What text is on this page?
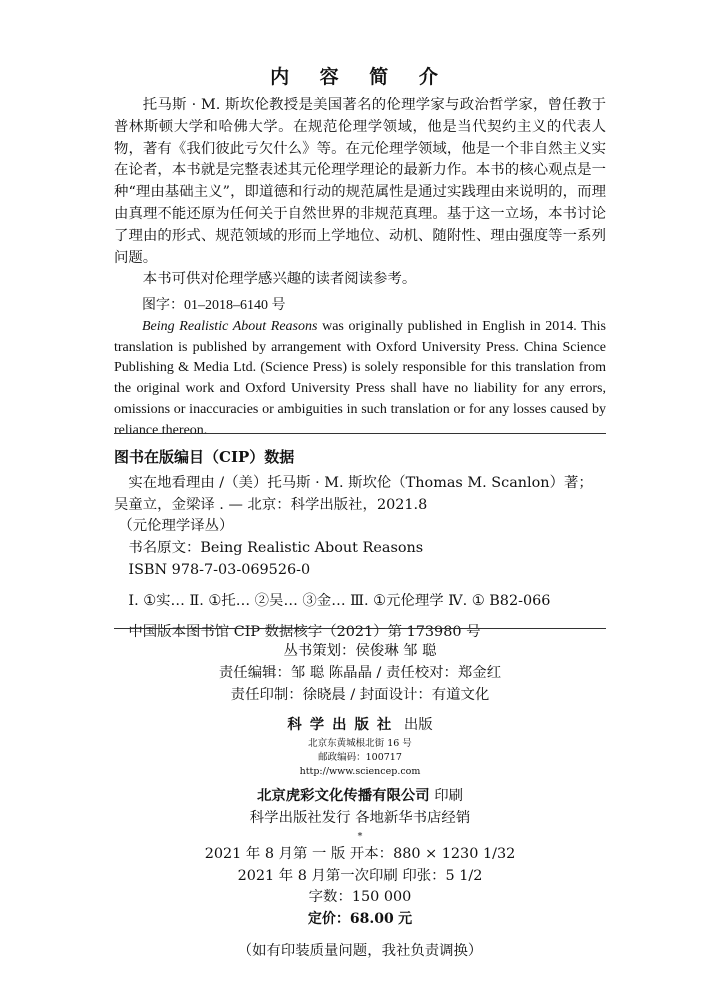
内 容 简 介

托马斯 · M. 斯坎伦教授是美国著名的伦理学家与政治哲学家，曾任教于普林斯顿大学和哈佛大学。在规范伦理学领域，他是当代契约主义的代表人物，著有《我们彼此亏欠什么》等。在元伦理学领域，他是一个非自然主义实在论者，本书就是完整表述其元伦理学理论的最新力作。本书的核心观点是一种“理由基础主义”，即道德和行动的规范属性是通过实践理由来说明的，而理由真理不能还原为任何关于自然世界的非规范真理。基于这一立场，本书讨论了理由的形式、规范领域的形而上学地位、动机、随附性、理由强度等一系列问题。

本书可供对伦理学感兴趣的读者阅读参考。

图字：01–2018–6140 号

Being Realistic About Reasons was originally published in English in 2014. This translation is published by arrangement with Oxford University Press. China Science Publishing & Media Ltd. (Science Press) is solely responsible for this translation from the original work and Oxford University Press shall have no liability for any errors, omissions or inaccuracies or ambiguities in such translation or for any losses caused by reliance thereon.

图书在版编目（CIP）数据
实在地看理由 /（美）托马斯 · M. 斯坎伦（Thomas M. Scanlon）著；
吴童立，金梁译 . — 北京：科学出版社，2021.8
（元伦理学译丛）
书名原文：Being Realistic About Reasons
ISBN 978-7-03-069526-0
Ⅰ. ①实… Ⅱ. ①托… ②吴… ③金… Ⅲ. ①元伦理学 Ⅳ. ① B82-066
中国版本图书馆 CIP 数据核字（2021）第 173980 号
丛书策划：侯俊琳 邹 聪
责任编辑：邹 聪 陈晶晶 / 责任校对：郑金红
责任印制：徐晓晨 / 封面设计：有道文化
科学出版社 出版
北京东黄城根北街 16 号
邮政编码：100717
http://www.sciencep.com
北京虎彩文化传播有限公司 印刷
科学出版社发行 各地新华书店经销
*
2021 年 8 月第 一 版 开本：880 × 1230 1/32
2021 年 8 月第一次印刷 印张：5 1/2
字数：150 000
定价：68.00 元
（如有印装质量问题，我社负责调换）
